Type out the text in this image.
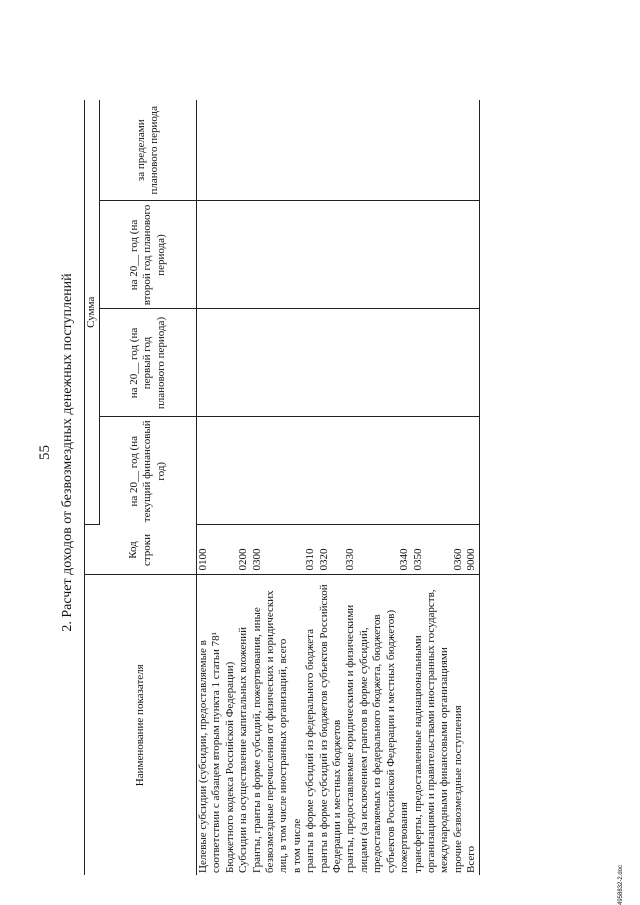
55 2. Расчет доходов от безвозмездных денежных поступлений
Наименование показателя	Код строки	Сумма			
		на 20__ год (на текущий финансовый год)	на 20__ год (на первый год планового периода)	на 20__ год (на второй год планового периода)	за пределами планового периода
Целевые субсидии (субсидии, предоставляемые в соответствии с абзацем вторым пункта 1 статьи 78¹ Бюджетного кодекса Российской Федерации)	0100				
Субсидии на осуществление капитальных вложений	0200				
Гранты, гранты в форме субсидий, пожертвования, иные безвозмездные перечисления от физических и юридических лиц, в том числе иностранных организаций, всего	0300				
в том числе					
гранты в форме субсидий из федерального бюджета	0310				
гранты в форме субсидий из бюджетов субъектов Российской Федерации и местных бюджетов	0320				
гранты, предоставляемые юридическими и физическими лицами (за исключением грантов в форме субсидий, предоставляемых из федерального бюджета, бюджетов субъектов Российской Федерации и местных бюджетов)	0330				
пожертвования	0340				
трансферты, предоставленные наднациональными организациями и правительствами иностранных государств, международными финансовыми организациями	0350				
прочие безвозмездные поступления	0360				
Всего	9000				
4958832-2.doc
